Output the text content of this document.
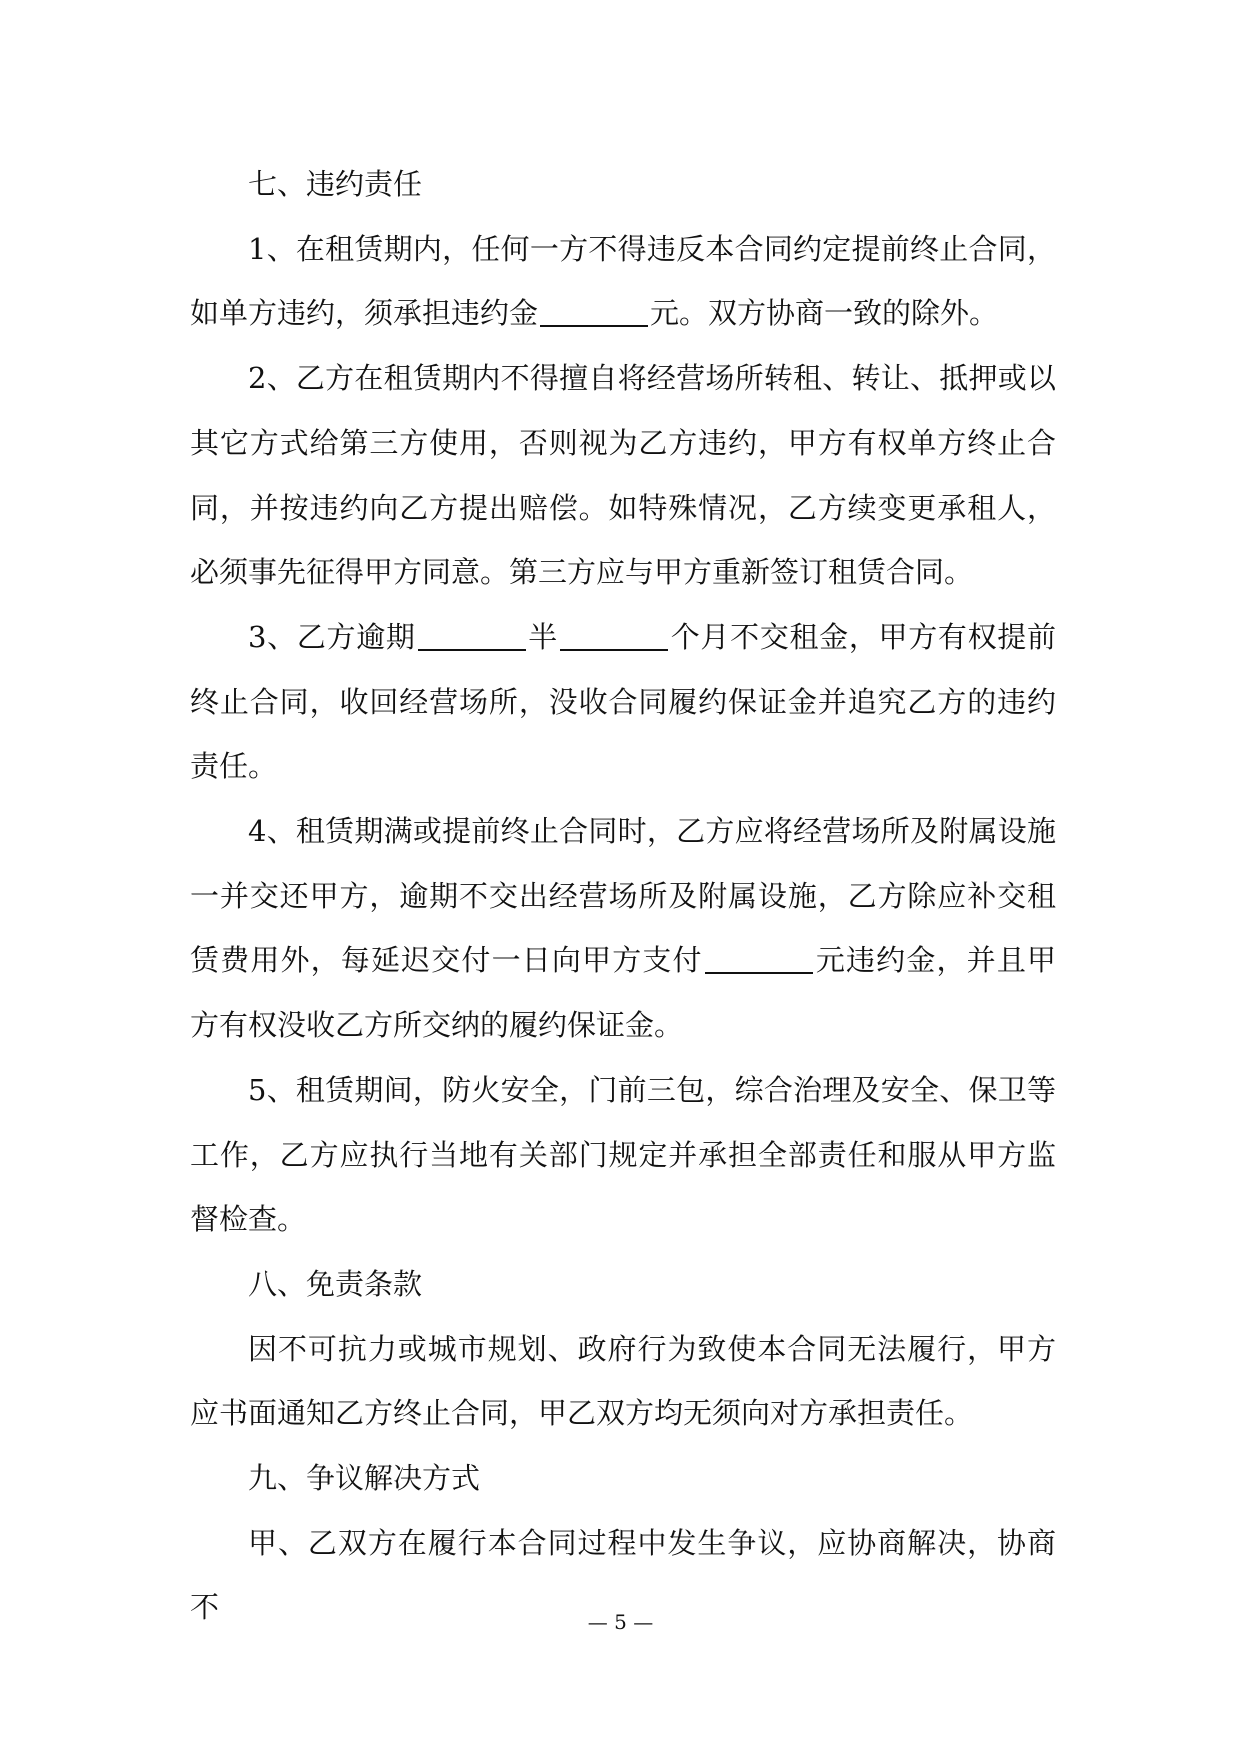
七、违约责任

1、在租赁期内，任何一方不得违反本合同约定提前终止合同，如单方违约，须承担违约金	元。双方协商一致的除外。

2、乙方在租赁期内不得擅自将经营场所转租、转让、抵押或以其它方式给第三方使用，否则视为乙方违约，甲方有权单方终止合同，并按违约向乙方提出赔偿。如特殊情况，乙方续变更承租人，必须事先征得甲方同意。第三方应与甲方重新签订租赁合同。

3、乙方逾期	半	个月不交租金，甲方有权提前终止合同，收回经营场所，没收合同履约保证金并追究乙方的违约责任。

4、租赁期满或提前终止合同时，乙方应将经营场所及附属设施一并交还甲方，逾期不交出经营场所及附属设施，乙方除应补交租赁费用外，每延迟交付一日向甲方支付	元违约金，并且甲方有权没收乙方所交纳的履约保证金。

5、租赁期间，防火安全，门前三包，综合治理及安全、保卫等工作，乙方应执行当地有关部门规定并承担全部责任和服从甲方监督检查。

八、免责条款

因不可抗力或城市规划、政府行为致使本合同无法履行，甲方应书面通知乙方终止合同，甲乙双方均无须向对方承担责任。

九、争议解决方式

甲、乙双方在履行本合同过程中发生争议，应协商解决，协商不	— 5 —
